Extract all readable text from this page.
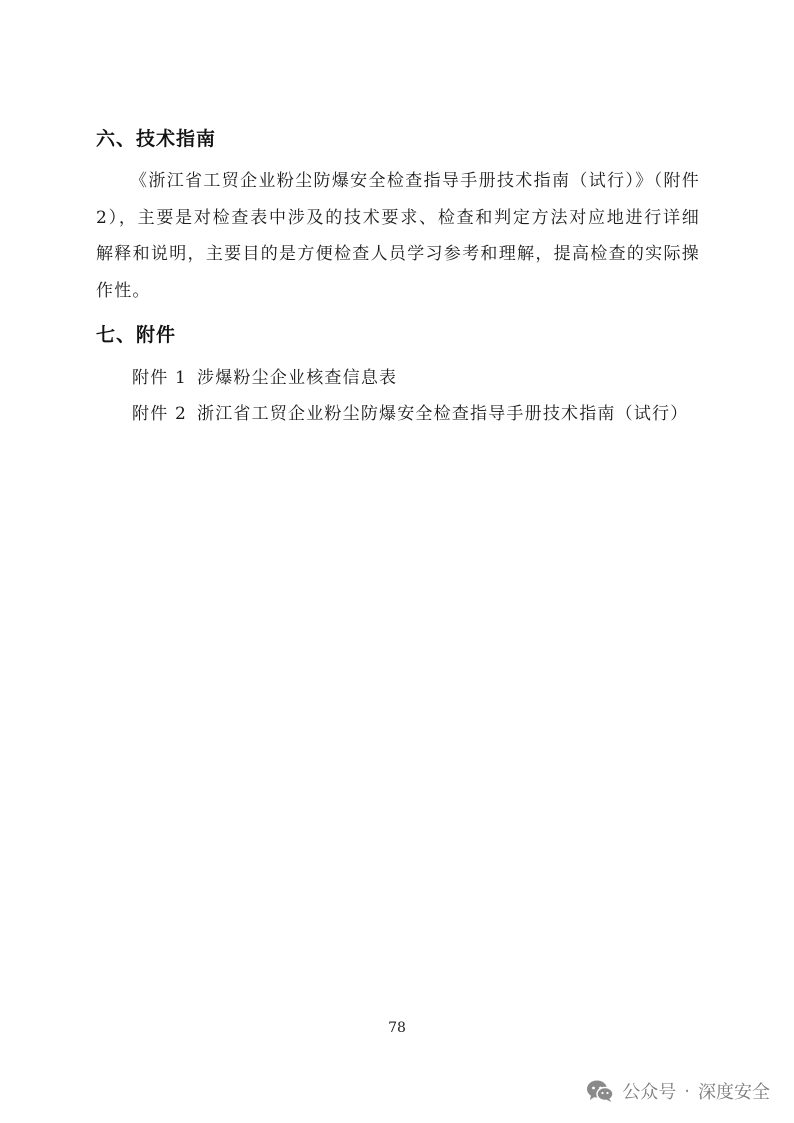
六、技术指南

《浙江省工贸企业粉尘防爆安全检查指导手册技术指南（试行）》（附件2），主要是对检查表中涉及的技术要求、检查和判定方法对应地进行详细解释和说明，主要目的是方便检查人员学习参考和理解，提高检查的实际操作性。

七、附件

附件 1 涉爆粉尘企业核查信息表

附件 2 浙江省工贸企业粉尘防爆安全检查指导手册技术指南（试行）

78
公众号 · 深度安全
